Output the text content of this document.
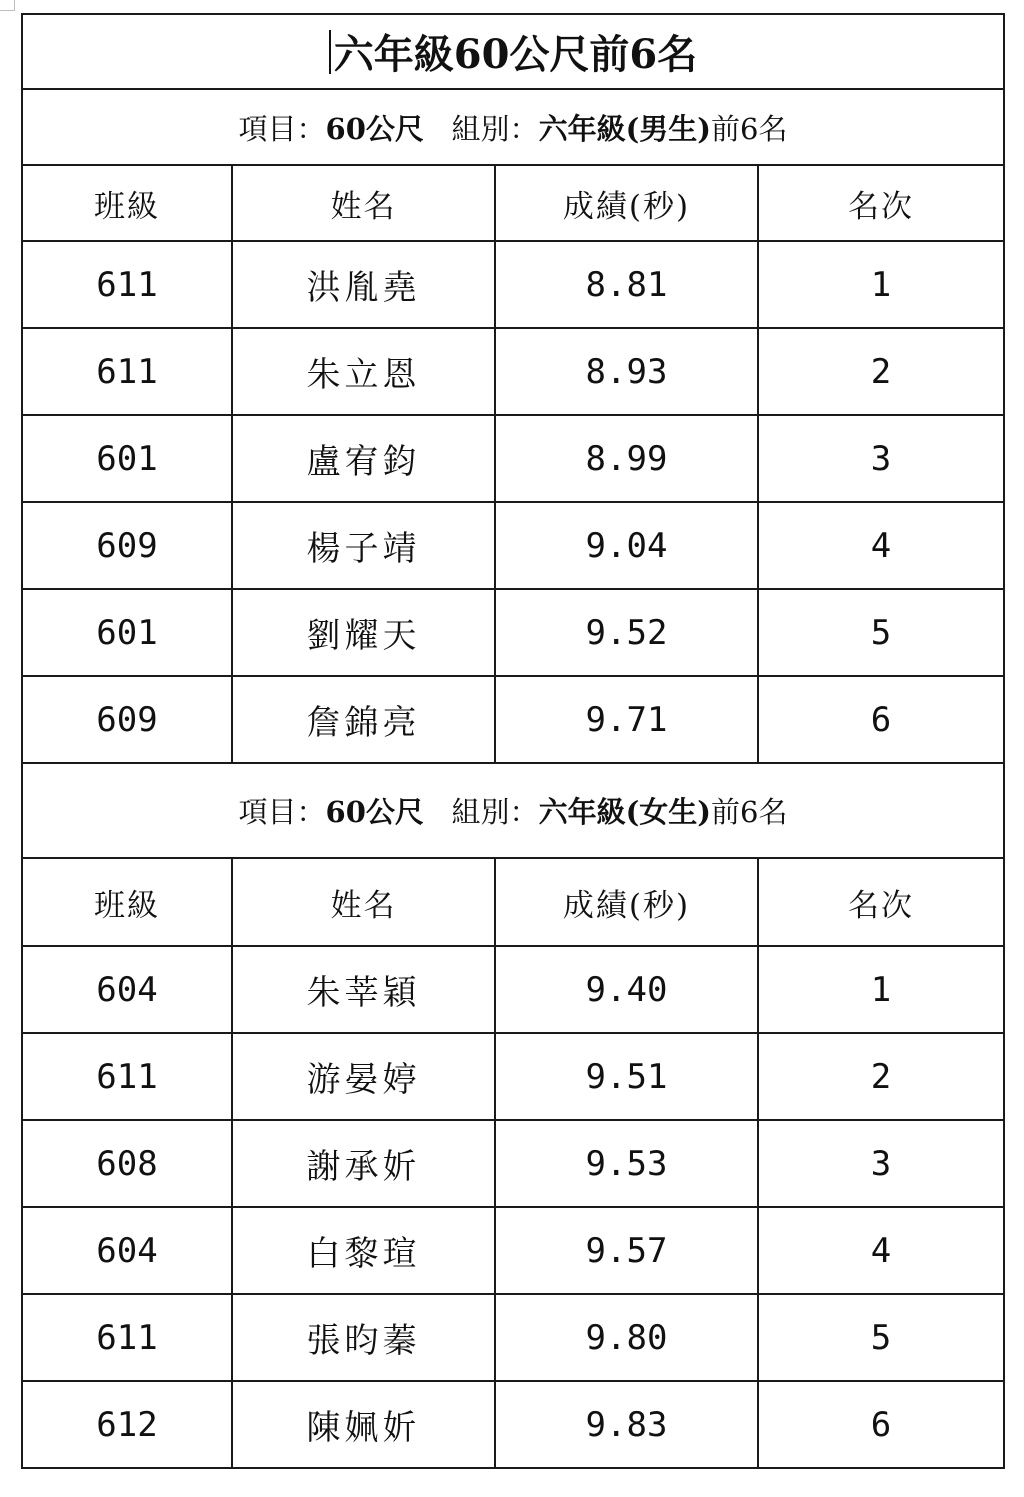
六年級60公尺前6名			
項目：60公尺 組別：六年級(男生)前6名			
班級	姓名	成績(秒)	名次
611	洪胤堯	8.81	1
611	朱立恩	8.93	2
601	盧宥鈞	8.99	3
609	楊子靖	9.04	4
601	劉耀天	9.52	5
609	詹錦亮	9.71	6
項目：60公尺 組別：六年級(女生)前6名			
班級	姓名	成績(秒)	名次
604	朱莘穎	9.40	1
611	游晏婷	9.51	2
608	謝承妡	9.53	3
604	白黎瑄	9.57	4
611	張昀蓁	9.80	5
612	陳姵妡	9.83	6
